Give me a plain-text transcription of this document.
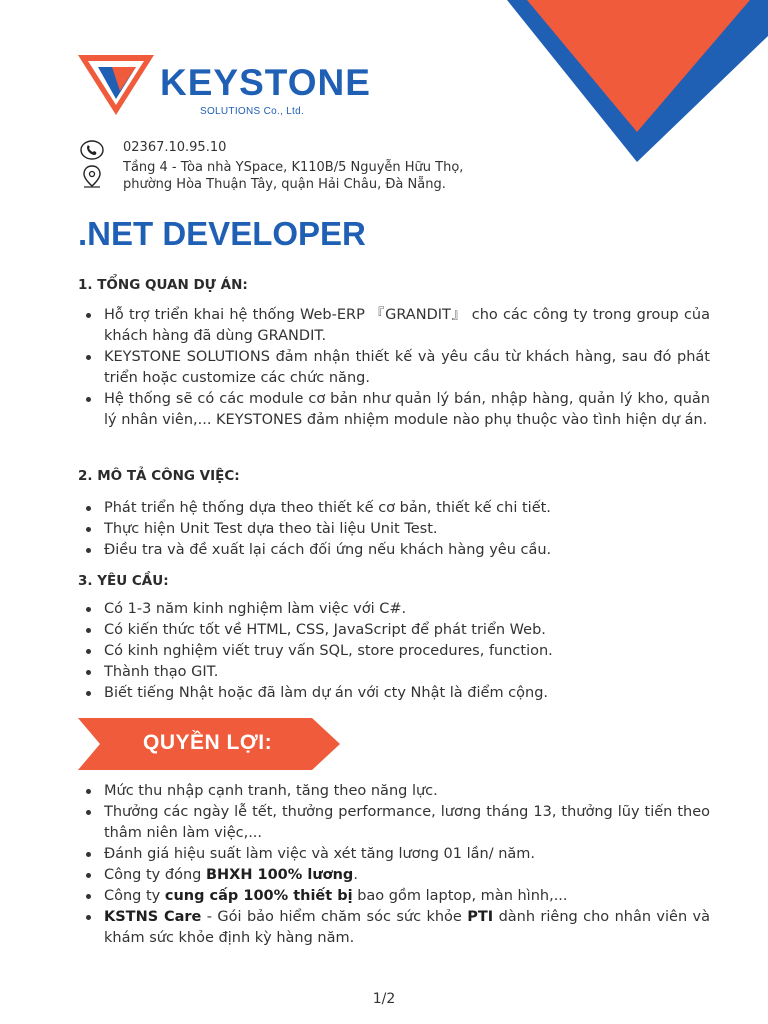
KEYSTONE
SOLUTIONS Co., Ltd.
02367.10.95.10
Tầng 4 - Tòa nhà YSpace, K110B/5 Nguyễn Hữu Thọ,
phường Hòa Thuận Tây, quận Hải Châu, Đà Nẵng.
.NET DEVELOPER
1. TỔNG QUAN DỰ ÁN:
Hỗ trợ triển khai hệ thống Web-ERP 『GRANDIT』 cho các công ty trong group của khách hàng đã dùng GRANDIT.
KEYSTONE SOLUTIONS đảm nhận thiết kế và yêu cầu từ khách hàng, sau đó phát triển hoặc customize các chức năng.
Hệ thống sẽ có các module cơ bản như quản lý bán, nhập hàng, quản lý kho, quản lý nhân viên,... KEYSTONES đảm nhiệm module nào phụ thuộc vào tình hiện dự án.
2. MÔ TẢ CÔNG VIỆC:
Phát triển hệ thống dựa theo thiết kế cơ bản, thiết kế chi tiết.
Thực hiện Unit Test dựa theo tài liệu Unit Test.
Điều tra và đề xuất lại cách đối ứng nếu khách hàng yêu cầu.
3. YÊU CẦU:
Có 1-3 năm kinh nghiệm làm việc với C#.
Có kiến thức tốt về HTML, CSS, JavaScript để phát triển Web.
Có kinh nghiệm viết truy vấn SQL, store procedures, function.
Thành thạo GIT.
Biết tiếng Nhật hoặc đã làm dự án với cty Nhật là điểm cộng.
QUYỀN LỢI:
Mức thu nhập cạnh tranh, tăng theo năng lực.
Thưởng các ngày lễ tết, thưởng performance, lương tháng 13, thưởng lũy tiến theo thâm niên làm việc,...
Đánh giá hiệu suất làm việc và xét tăng lương 01 lần/ năm.
Công ty đóng BHXH 100% lương.
Công ty cung cấp 100% thiết bị bao gồm laptop, màn hình,...
KSTNS Care - Gói bảo hiểm chăm sóc sức khỏe PTI dành riêng cho nhân viên và khám sức khỏe định kỳ hàng năm.
1/2
